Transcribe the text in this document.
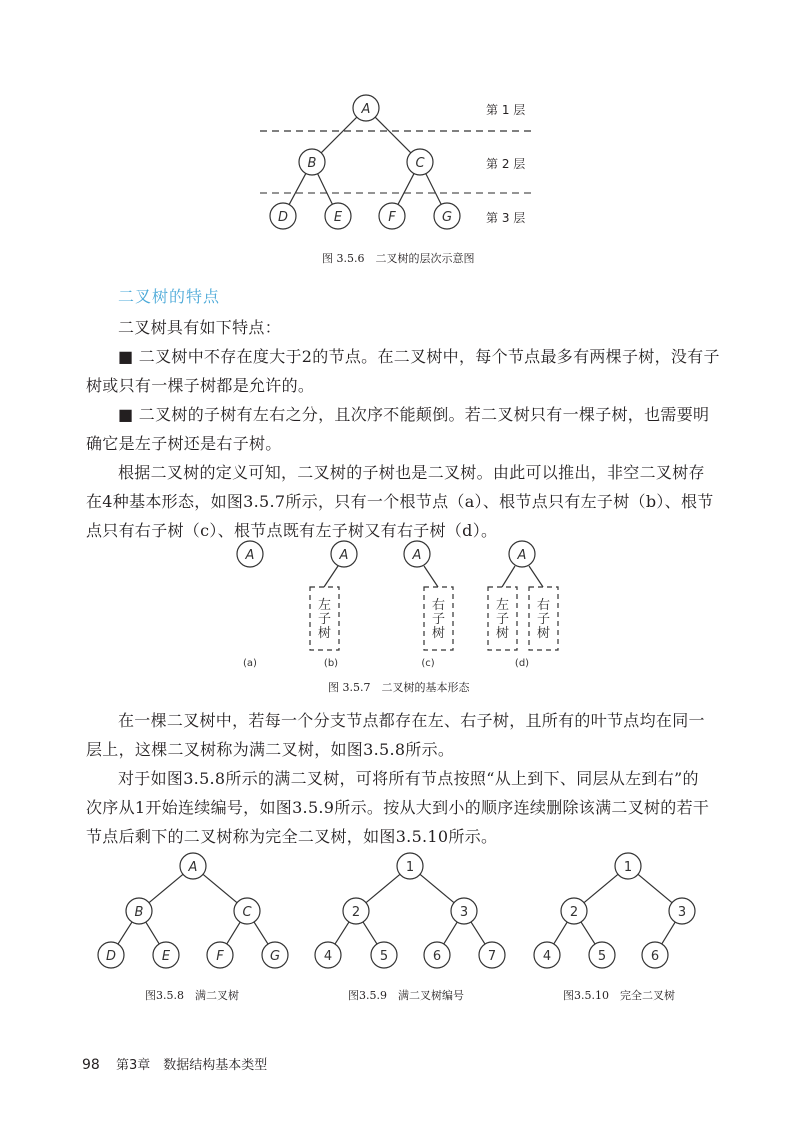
A
B	C
D	E	F	G
第 1 层
第 2 层
第 3 层
图 3.5.6　二叉树的层次示意图
二叉树的特点
二叉树具有如下特点：
■ 二叉树中不存在度大于2的节点。在二叉树中，每个节点最多有两棵子树，没有子
树或只有一棵子树都是允许的。
■ 二叉树的子树有左右之分，且次序不能颠倒。若二叉树只有一棵子树，也需要明
确它是左子树还是右子树。
根据二叉树的定义可知，二叉树的子树也是二叉树。由此可以推出，非空二叉树存
在4种基本形态，如图3.5.7所示，只有一个根节点（a）、根节点只有左子树（b）、根节
点只有右子树（c）、根节点既有左子树又有右子树（d）。
A
(a)
A
左
子
树
(b)
A
右
子
树
(c)
A
左
子
树
右
子
树
(d)
图 3.5.7　二叉树的基本形态
在一棵二叉树中，若每一个分支节点都存在左、右子树，且所有的叶节点均在同一
层上，这棵二叉树称为满二叉树，如图3.5.8所示。
对于如图3.5.8所示的满二叉树，可将所有节点按照“从上到下、同层从左到右”的
次序从1开始连续编号，如图3.5.9所示。按从大到小的顺序连续删除该满二叉树的若干
节点后剩下的二叉树称为完全二叉树，如图3.5.10所示。
A
B	C
D	E	F	G
1
2	3
4	5	6	7
1
2	3
4	5	6
图3.5.8　满二叉树	图3.5.9　满二叉树编号	图3.5.10　完全二叉树
98 第3章　数据结构基本类型
